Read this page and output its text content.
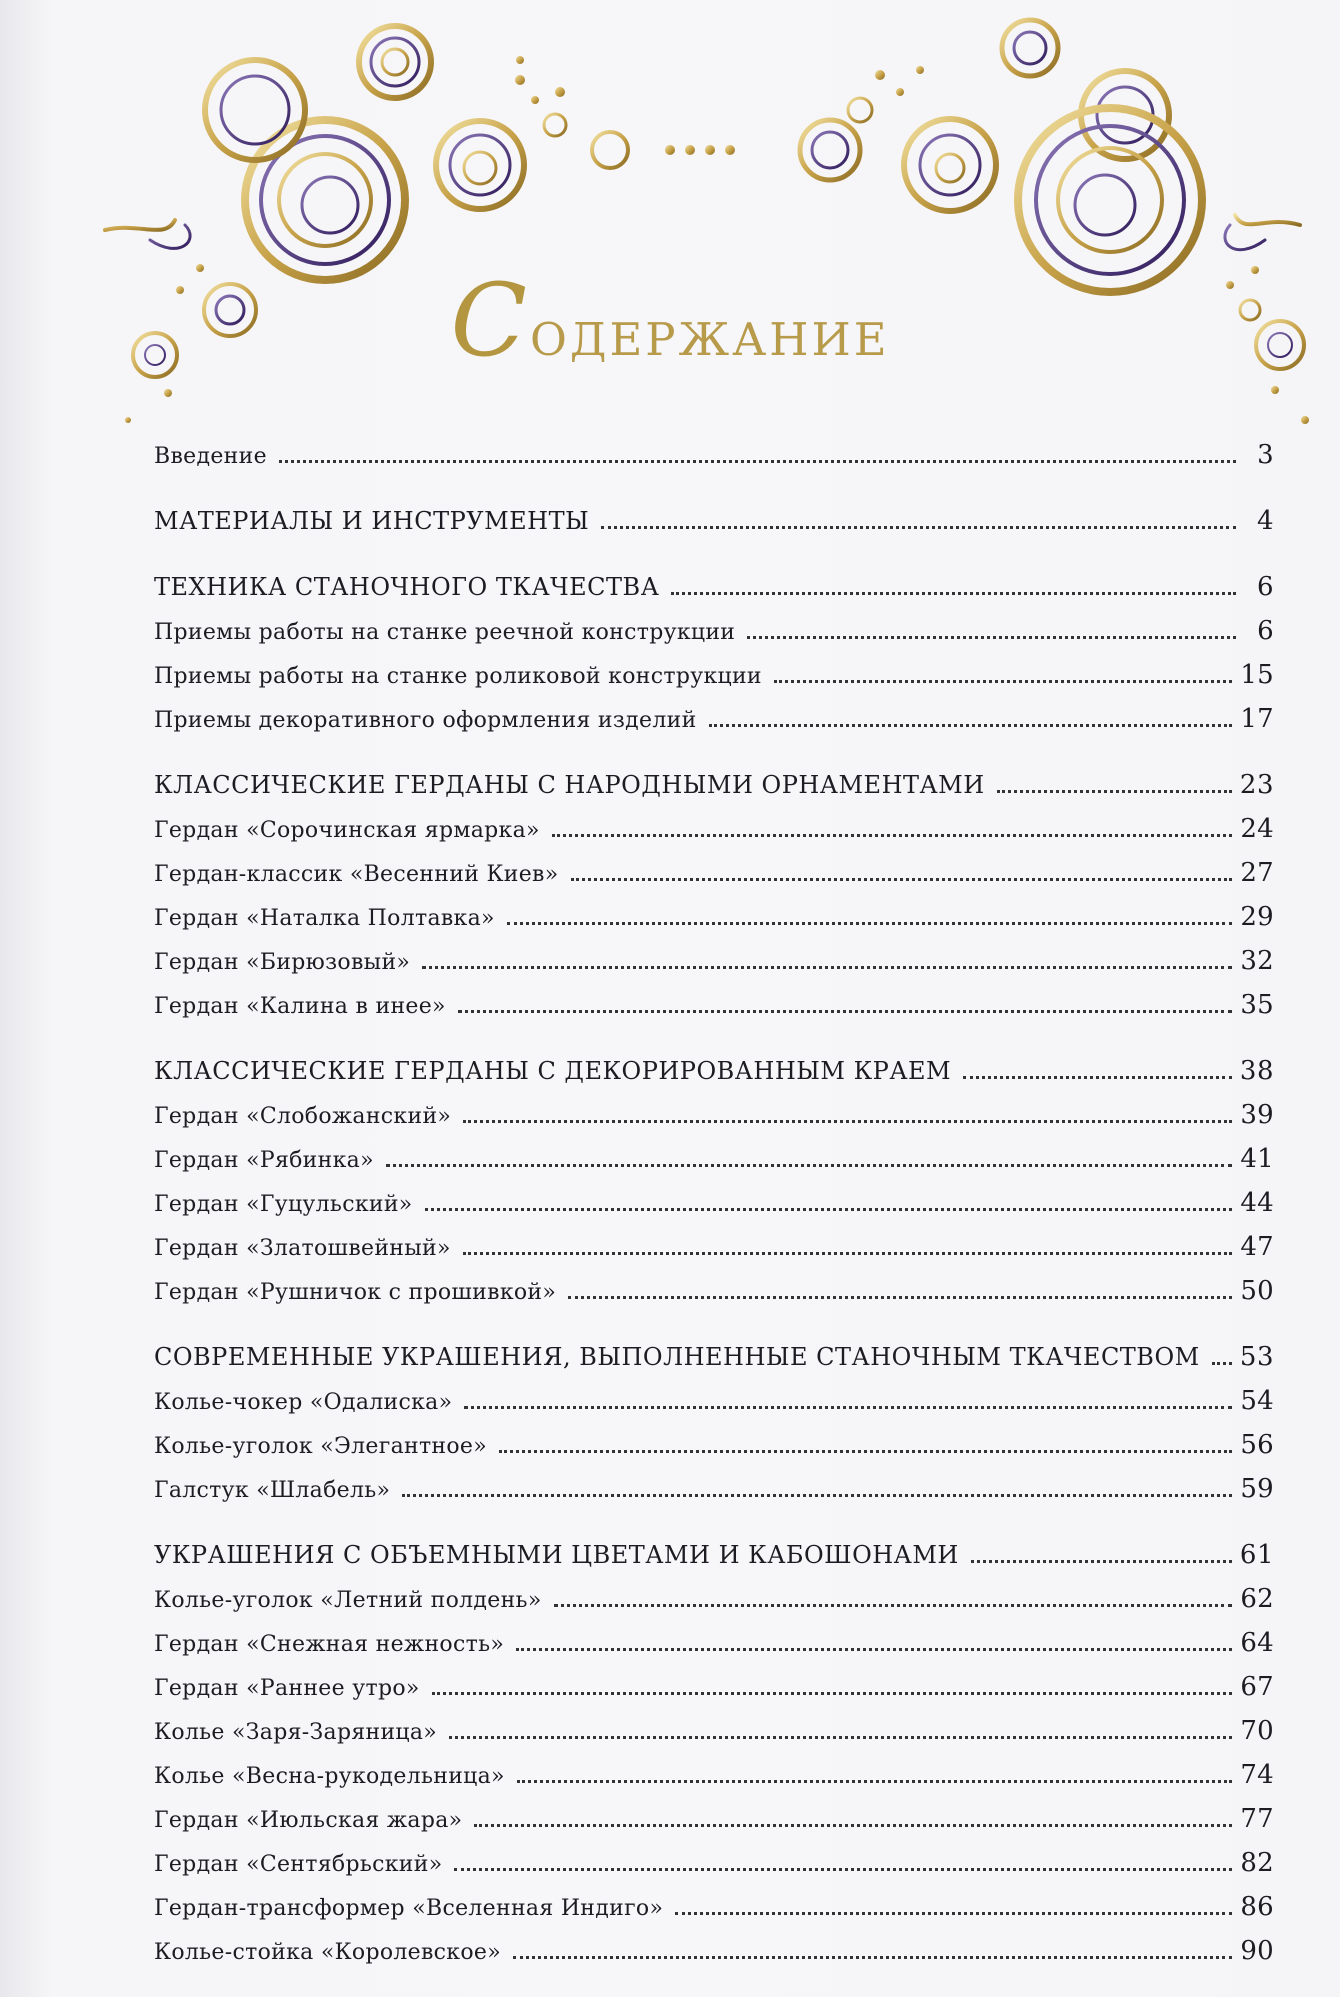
Содержание
Введение	3
МАТЕРИАЛЫ И ИНСТРУМЕНТЫ	4
ТЕХНИКА СТАНОЧНОГО ТКАЧЕСТВА	6
Приемы работы на станке реечной конструкции	6
Приемы работы на станке роликовой конструкции	15
Приемы декоративного оформления изделий	17
КЛАССИЧЕСКИЕ ГЕРДАНЫ С НАРОДНЫМИ ОРНАМЕНТАМИ	23
Гердан «Сорочинская ярмарка»	24
Гердан-классик «Весенний Киев»	27
Гердан «Наталка Полтавка»	29
Гердан «Бирюзовый»	32
Гердан «Калина в инее»	35
КЛАССИЧЕСКИЕ ГЕРДАНЫ С ДЕКОРИРОВАННЫМ КРАЕМ	38
Гердан «Слобожанский»	39
Гердан «Рябинка»	41
Гердан «Гуцульский»	44
Гердан «Златошвейный»	47
Гердан «Рушничок с прошивкой»	50
СОВРЕМЕННЫЕ УКРАШЕНИЯ, ВЫПОЛНЕННЫЕ СТАНОЧНЫМ ТКАЧЕСТВОМ 53
Колье-чокер «Одалиска»	54
Колье-уголок «Элегантное»	56
Галстук «Шлабель»	59
УКРАШЕНИЯ С ОБЪЕМНЫМИ ЦВЕТАМИ И КАБОШОНАМИ	61
Колье-уголок «Летний полдень»	62
Гердан «Снежная нежность»	64
Гердан «Раннее утро»	67
Колье «Заря-Заряница»	70
Колье «Весна-рукодельница»	74
Гердан «Июльская жара»	77
Гердан «Сентябрьский»	82
Гердан-трансформер «Вселенная Индиго»	86
Колье-стойка «Королевское»	90
